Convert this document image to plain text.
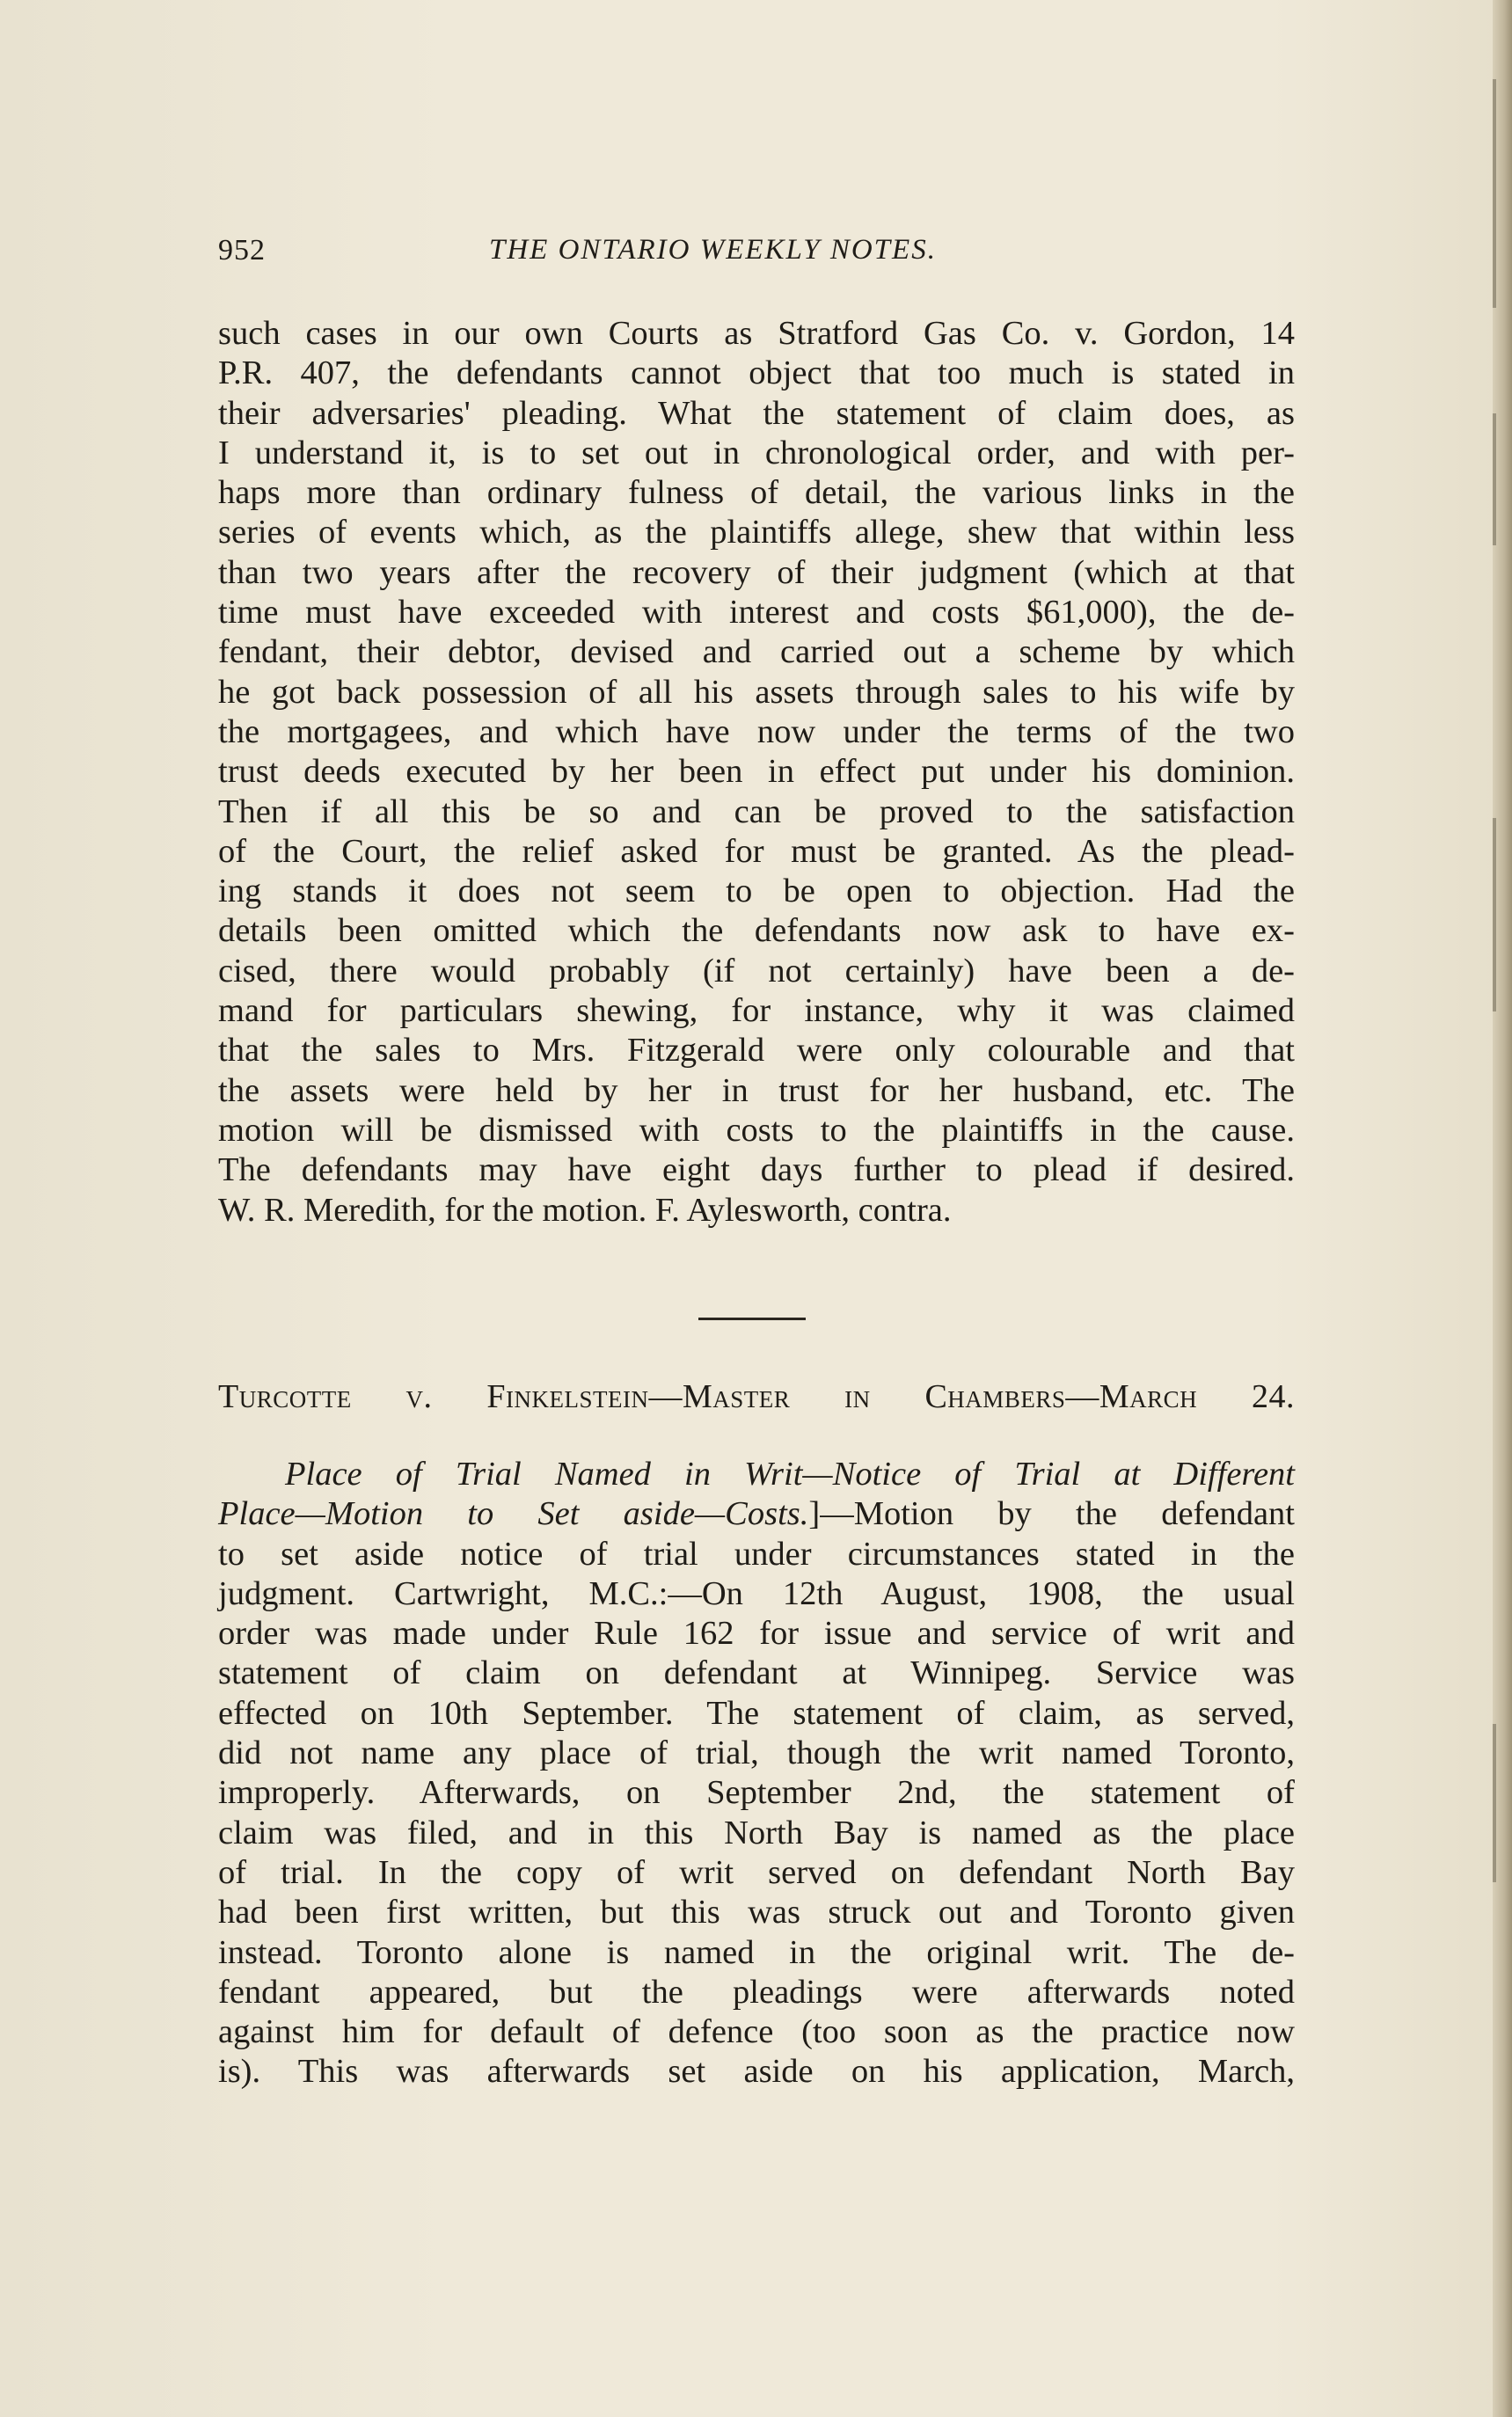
952	THE ONTARIO WEEKLY NOTES.
such cases in our own Courts as Stratford Gas Co. v. Gordon, 14
P.R. 407, the defendants cannot object that too much is stated in
their adversaries' pleading. What the statement of claim does, as
I understand it, is to set out in chronological order, and with per-
haps more than ordinary fulness of detail, the various links in the
series of events which, as the plaintiffs allege, shew that within less
than two years after the recovery of their judgment (which at that
time must have exceeded with interest and costs $61,000), the de-
fendant, their debtor, devised and carried out a scheme by which
he got back possession of all his assets through sales to his wife by
the mortgagees, and which have now under the terms of the two
trust deeds executed by her been in effect put under his dominion.
Then if all this be so and can be proved to the satisfaction
of the Court, the relief asked for must be granted. As the plead-
ing stands it does not seem to be open to objection. Had the
details been omitted which the defendants now ask to have ex-
cised, there would probably (if not certainly) have been a de-
mand for particulars shewing, for instance, why it was claimed
that the sales to Mrs. Fitzgerald were only colourable and that
the assets were held by her in trust for her husband, etc. The
motion will be dismissed with costs to the plaintiffs in the cause.
The defendants may have eight days further to plead if desired.
W. R. Meredith, for the motion. F. Aylesworth, contra.
Turcotte v. Finkelstein—Master in Chambers—March 24.
Place of Trial Named in Writ—Notice of Trial at Different
Place—Motion to Set aside—Costs.]—Motion by the defendant
to set aside notice of trial under circumstances stated in the
judgment. Cartwright, M.C.:—On 12th August, 1908, the usual
order was made under Rule 162 for issue and service of writ and
statement of claim on defendant at Winnipeg. Service was
effected on 10th September. The statement of claim, as served,
did not name any place of trial, though the writ named Toronto,
improperly. Afterwards, on September 2nd, the statement of
claim was filed, and in this North Bay is named as the place
of trial. In the copy of writ served on defendant North Bay
had been first written, but this was struck out and Toronto given
instead. Toronto alone is named in the original writ. The de-
fendant appeared, but the pleadings were afterwards noted
against him for default of defence (too soon as the practice now
is). This was afterwards set aside on his application, March,
